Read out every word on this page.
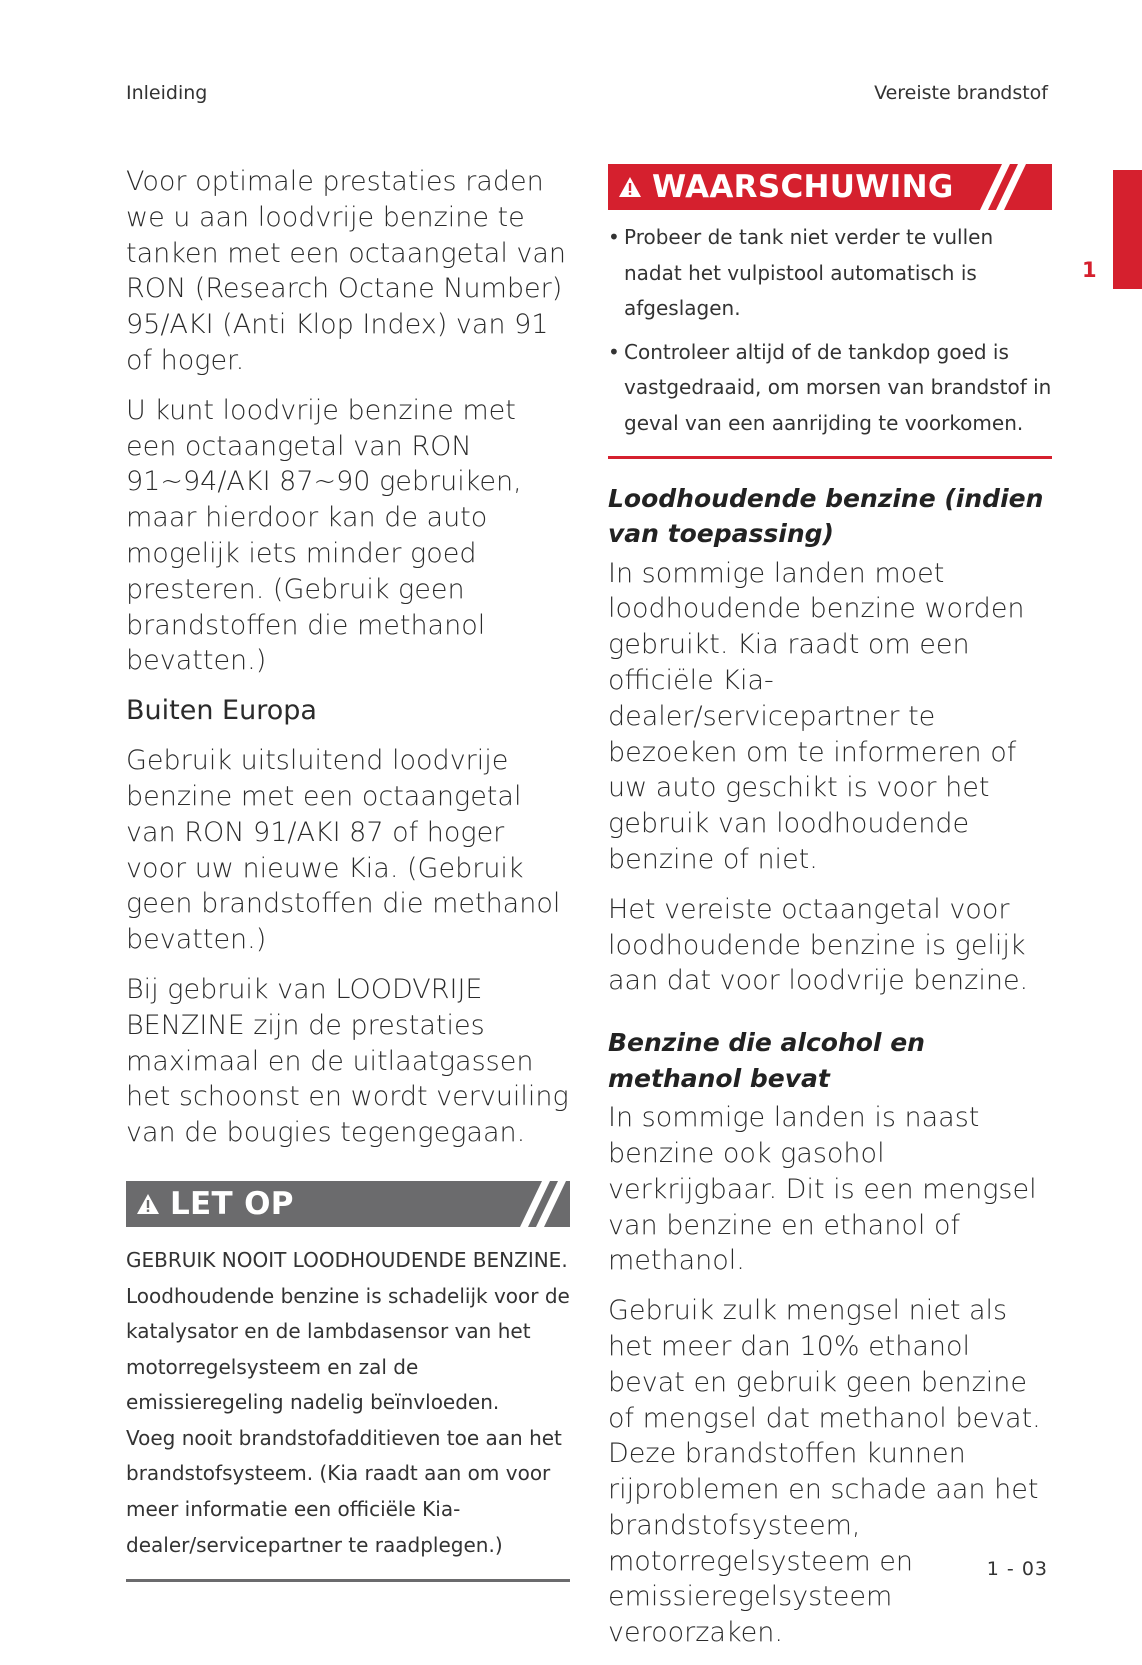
Inleiding	Vereiste brandstof
1

Voor optimale prestaties raden we u aan loodvrije benzine te tanken met een octaangetal van RON (Research Octane Number) 95/AKI (Anti Klop Index) van 91 of hoger.

U kunt loodvrije benzine met een octaangetal van RON 91~94/AKI 87~90 gebruiken, maar hierdoor kan de auto mogelijk iets minder goed presteren. (Gebruik geen brandstoffen die methanol bevatten.)

Buiten Europa

Gebruik uitsluitend loodvrije benzine met een octaangetal van RON 91/AKI 87 of hoger voor uw nieuwe Kia. (Gebruik geen brandstoffen die methanol bevatten.)

Bij gebruik van LOODVRIJE BENZINE zijn de prestaties maximaal en de uitlaatgassen het schoonst en wordt vervuiling van de bougies tegengegaan.

LET OP
GEBRUIK NOOIT LOODHOUDENDE BENZINE. Loodhoudende benzine is schadelijk voor de katalysator en de lambdasensor van het motorregelsysteem en zal de emissieregeling nadelig beïnvloeden.
Voeg nooit brandstofadditieven toe aan het brandstofsysteem. (Kia raadt aan om voor meer informatie een officiële Kia-dealer/servicepartner te raadplegen.)
WAARSCHUWING
• Probeer de tank niet verder te vullen nadat het vulpistool automatisch is afgeslagen.
• Controleer altijd of de tankdop goed is vastgedraaid, om morsen van brandstof in geval van een aanrijding te voorkomen.

Loodhoudende benzine (indien van toepassing)

In sommige landen moet loodhoudende benzine worden gebruikt. Kia raadt om een officiële Kia-dealer/servicepartner te bezoeken om te informeren of uw auto geschikt is voor het gebruik van loodhoudende benzine of niet.

Het vereiste octaangetal voor loodhoudende benzine is gelijk aan dat voor loodvrije benzine.

Benzine die alcohol en methanol bevat

In sommige landen is naast benzine ook gasohol verkrijgbaar. Dit is een mengsel van benzine en ethanol of methanol.

Gebruik zulk mengsel niet als het meer dan 10% ethanol bevat en gebruik geen benzine of mengsel dat methanol bevat. Deze brandstoffen kunnen rijproblemen en schade aan het brandstofsysteem, motorregelsysteem en emissieregelsysteem veroorzaken.

1 - 03
